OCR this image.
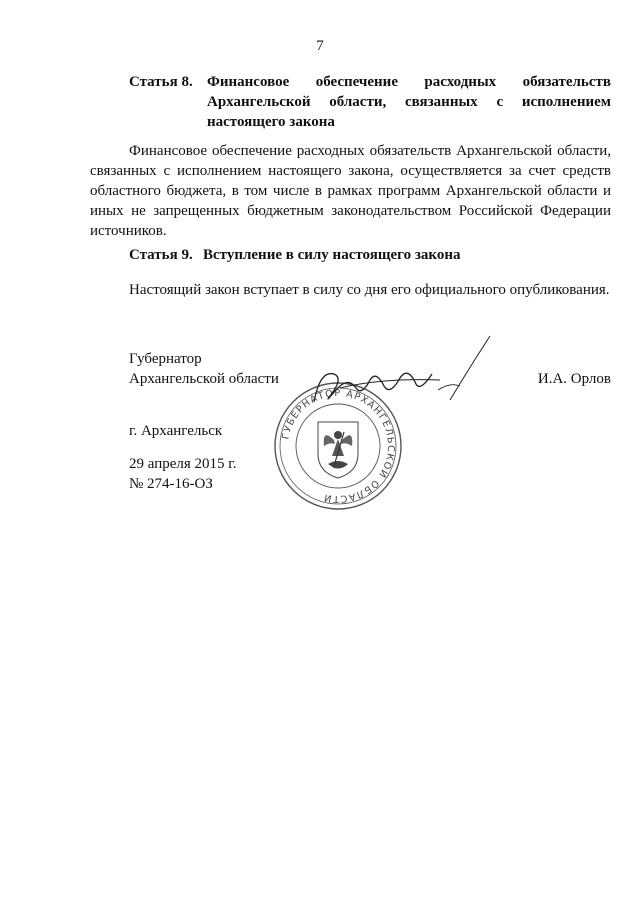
7
Статья 8. Финансовое обеспечение расходных обязательств Архангельской области, связанных с исполнением настоящего закона
Финансовое обеспечение расходных обязательств Архангельской области, связанных с исполнением настоящего закона, осуществляется за счет средств областного бюджета, в том числе в рамках программ Архангельской области и иных не запрещенных бюджетным законодательством Российской Федерации источников.
Статья 9. Вступление в силу настоящего закона
Настоящий закон вступает в силу со дня его официального опубликования.
Губернатор
Архангельской области	И.А. Орлов
ГУБЕРНАТОР АРХАНГЕЛЬСКОЙ ОБЛАСТИ
г. Архангельск
29 апреля 2015 г.
№ 274-16-ОЗ
